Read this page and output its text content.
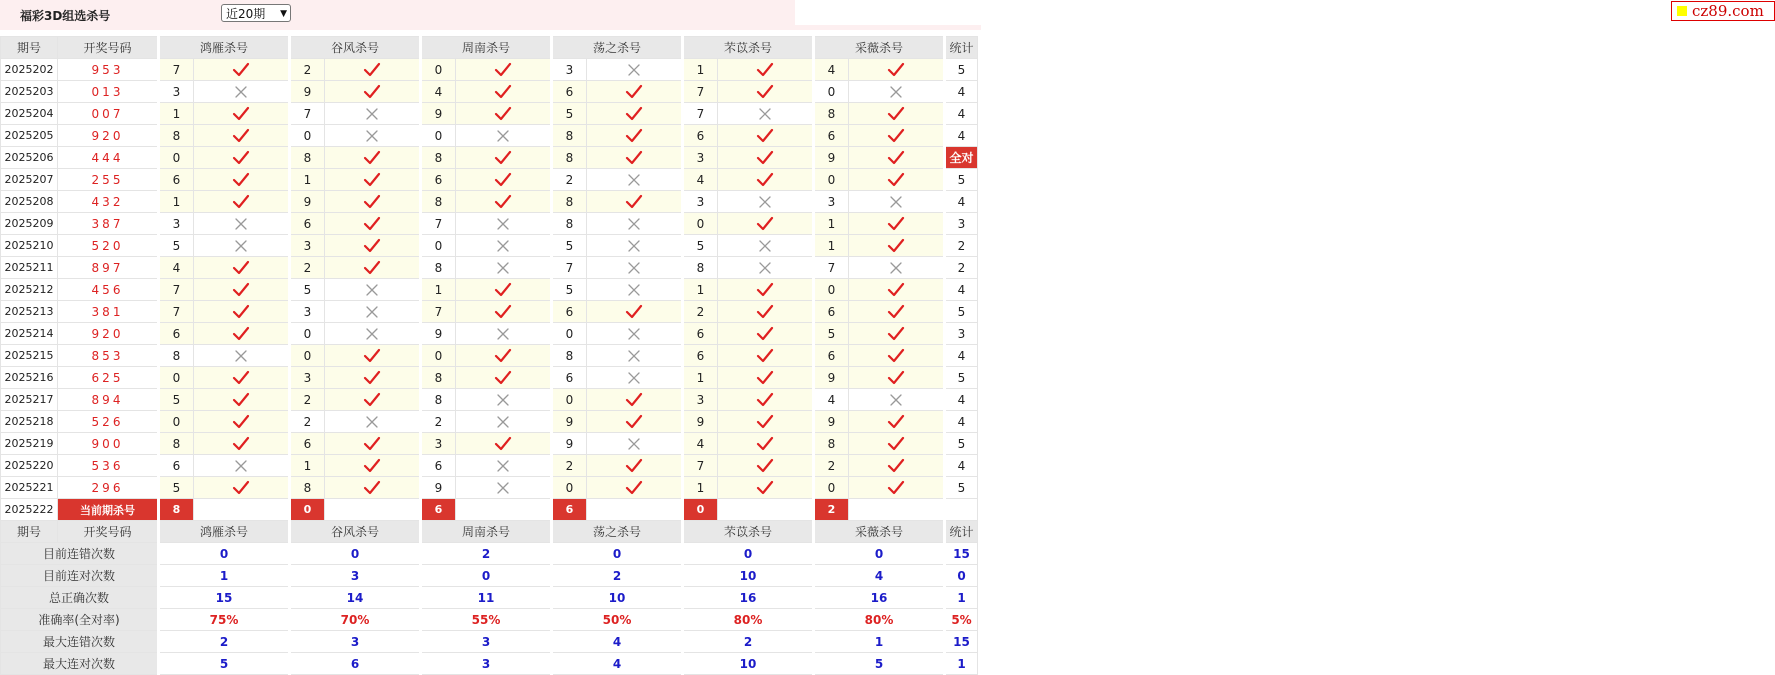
福彩3D组选杀号	近20期 ▼	cz89.com
期号	开奖号码	鸿雁杀号		谷风杀号		周南杀号		荡之杀号		芣苡杀号		采薇杀号		统计
2025202	953	7		2		0		3		1		4		5
2025203	013	3		9		4		6		7		0		4
2025204	007	1		7		9		5		7		8		4
2025205	920	8		0		0		8		6		6		4
2025206	444	0		8		8		8		3		9		全对
2025207	255	6		1		6		2		4		0		5
2025208	432	1		9		8		8		3		3		4
2025209	387	3		6		7		8		0		1		3
2025210	520	5		3		0		5		5		1		2
2025211	897	4		2		8		7		8		7		2
2025212	456	7		5		1		5		1		0		4
2025213	381	7		3		7		6		2		6		5
2025214	920	6		0		9		0		6		5		3
2025215	853	8		0		0		8		6		6		4
2025216	625	0		3		8		6		1		9		5
2025217	894	5		2		8		0		3		4		4
2025218	526	0		2		2		9		9		9		4
2025219	900	8		6		3		9		4		8		5
2025220	536	6		1		6		2		7		2		4
2025221	296	5		8		9		0		1		0		5
2025222	当前期杀号	8		0		6		6		0		2		
期号	开奖号码	鸿雁杀号		谷风杀号		周南杀号		荡之杀号		芣苡杀号		采薇杀号		统计
目前连错次数		0		0		2		0		0		0		15
目前连对次数		1		3		0		2		10		4		0
总正确次数		15		14		11		10		16		16		1
准确率(全对率)		75%		70%		55%		50%		80%		80%		5%
最大连错次数		2		3		3		4		2		1		15
最大连对次数		5		6		3		4		10		5		1
